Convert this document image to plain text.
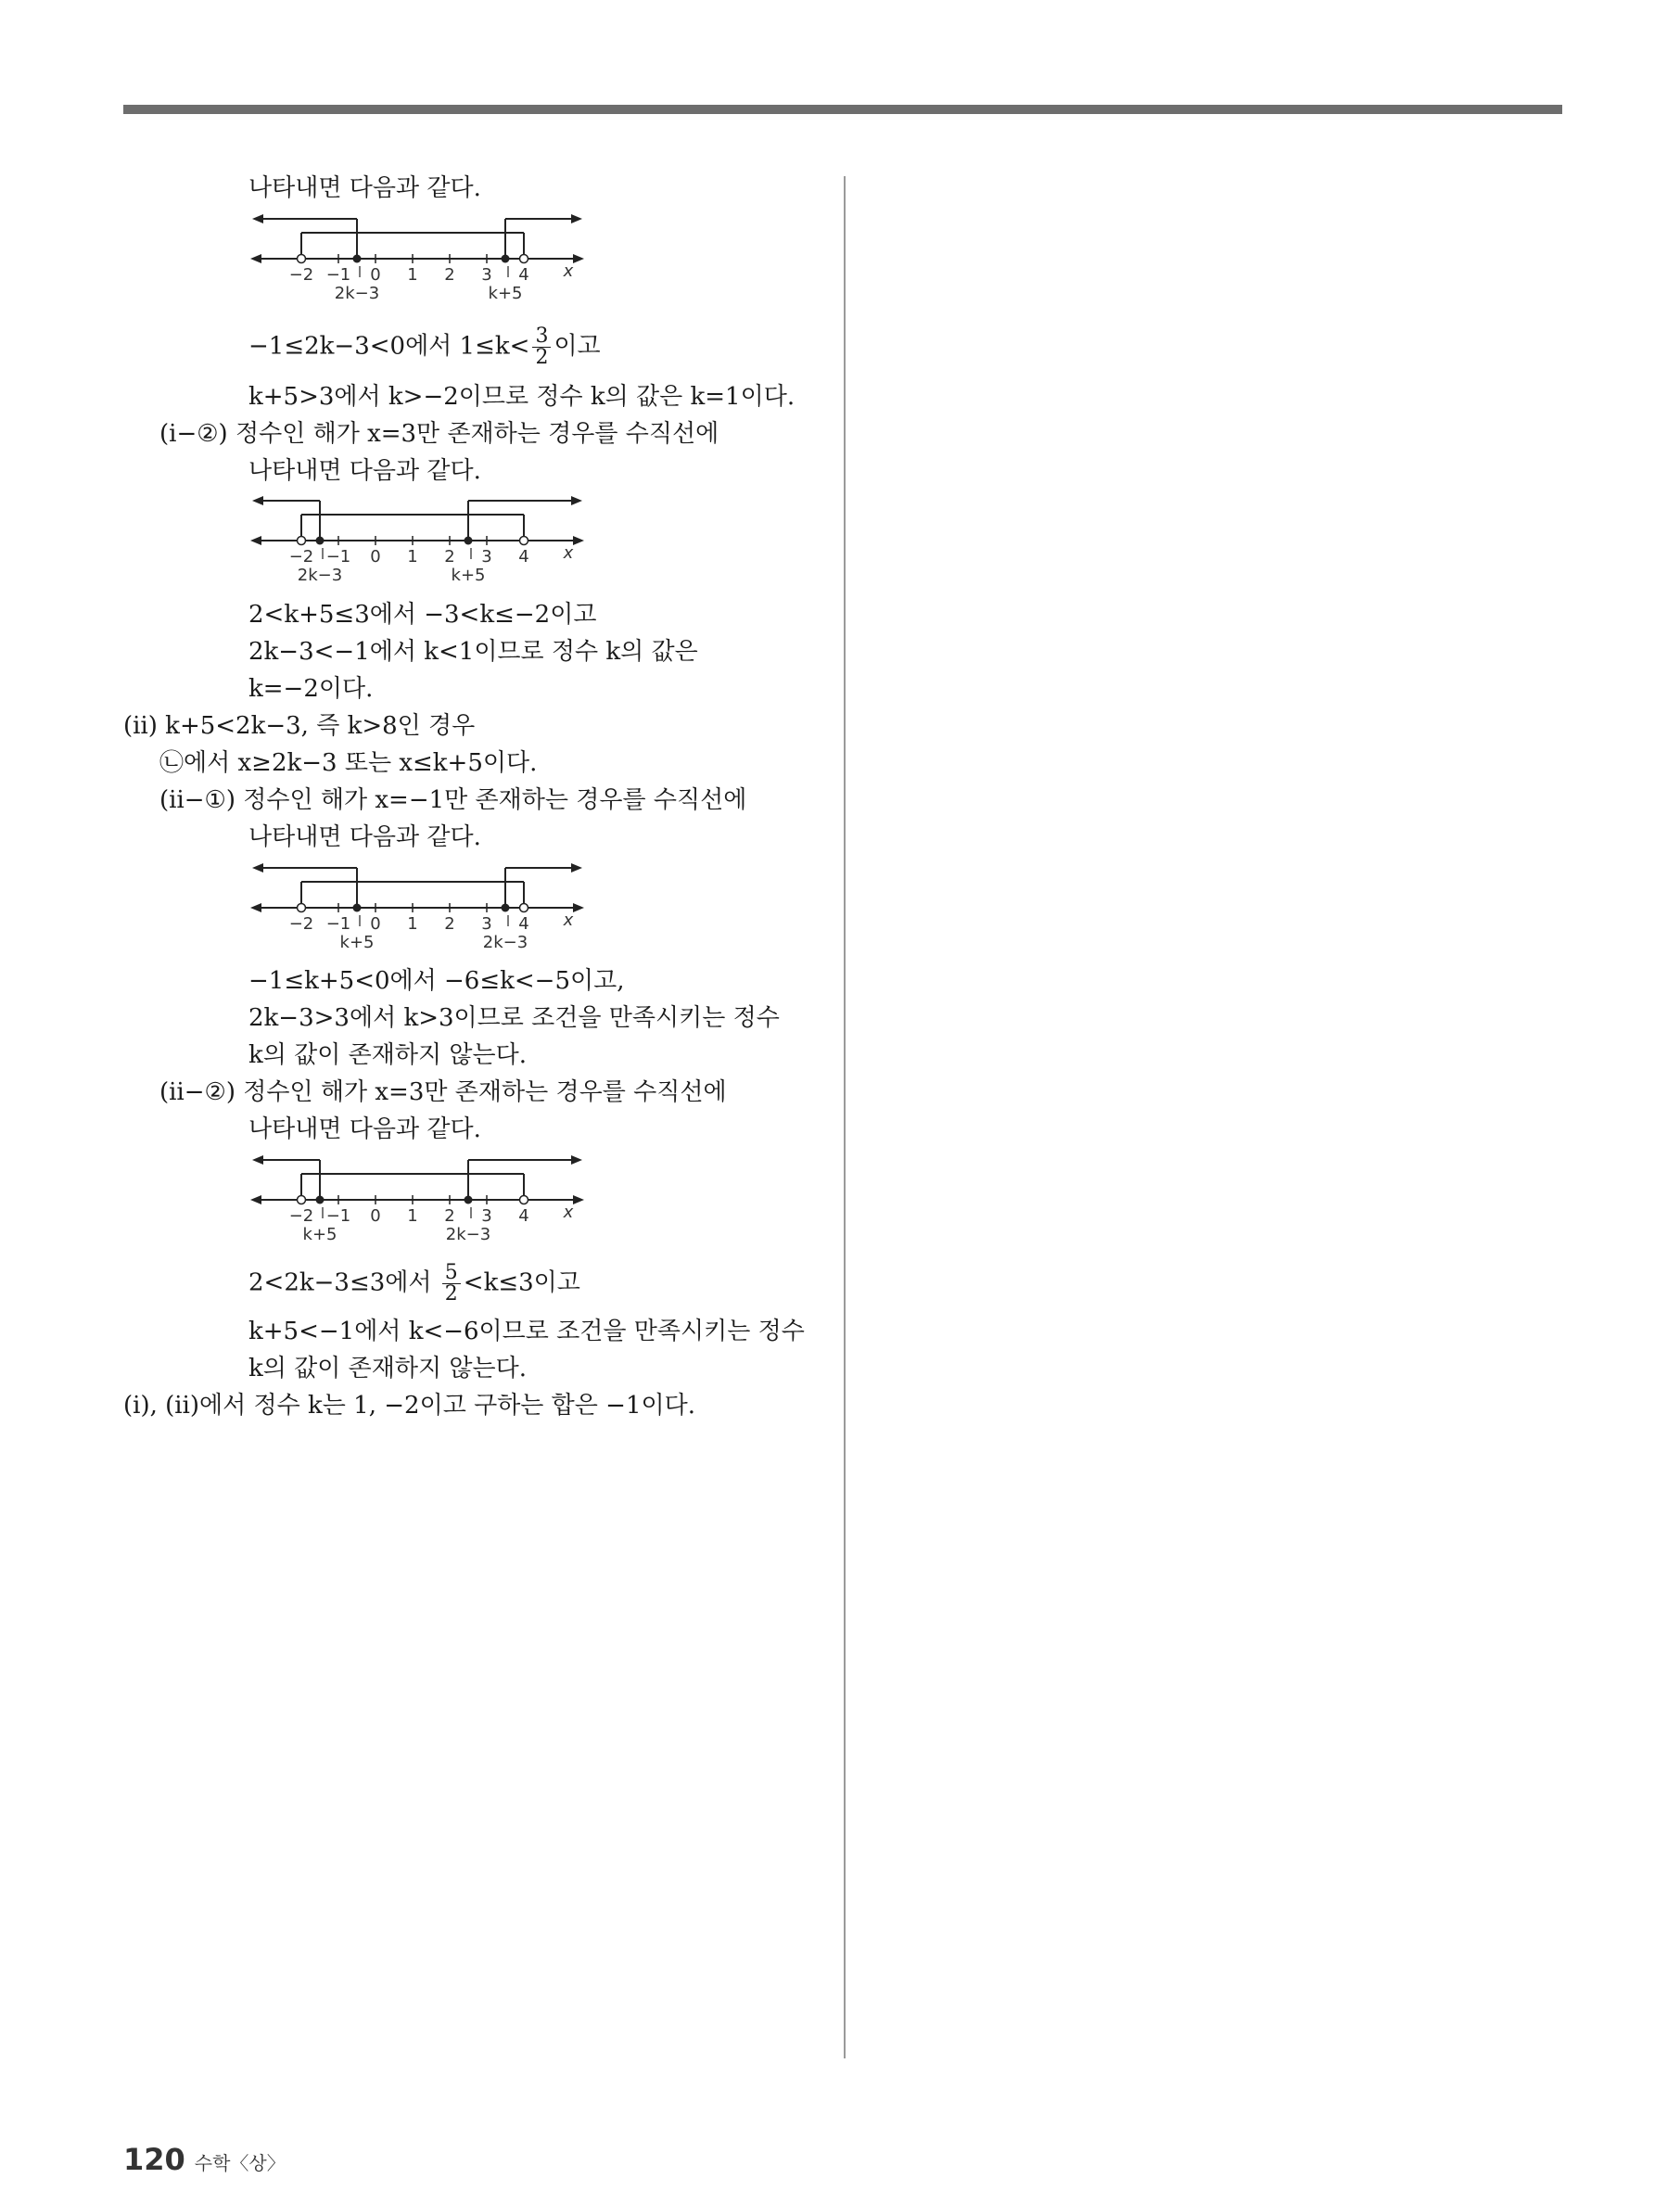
나타내면 다음과 같다.
−2 −1 0 1 2 3 4 x
2k−3	k+5
−1≤2k−3<0에서 $1\le k< \frac{3}{2}$ 이고
k+5>3에서 k>−2이므로 정수 k의 값은 k=1이다.
(ⅰ−②) 정수인 해가 x=3만 존재하는 경우를 수직선에
나타내면 다음과 같다.
−2 −1 0 1 2 3 4 x
2k−3	k+5
2<k+5≤3에서 −3<k≤−2이고
2k−3<−1에서 k<1이므로 정수 k의 값은
k=−2이다.
(ⅱ) k+5<2k−3, 즉 k>8인 경우
㉡에서 x≥2k−3 또는 x≤k+5이다.
(ⅱ−①) 정수인 해가 x=−1만 존재하는 경우를 수직선에
나타내면 다음과 같다.
−2 −1 0 1 2 3 4 x
k+5	2k−3
−1≤k+5<0에서 −6≤k<−5이고,
2k−3>3에서 k>3이므로 조건을 만족시키는 정수
k의 값이 존재하지 않는다.
(ⅱ−②) 정수인 해가 x=3만 존재하는 경우를 수직선에
나타내면 다음과 같다.
−2 −1 0 1 2 3 4 x
k+5	2k−3
2<2k−3≤3에서 $\frac{5}{2} <k\le 3$이고
k+5<−1에서 k<−6이므로 조건을 만족시키는 정수
k의 값이 존재하지 않는다.
(ⅰ), (ⅱ)에서 정수 k는 1, −2이고 구하는 합은 −1이다.
120 수학〈상〉
